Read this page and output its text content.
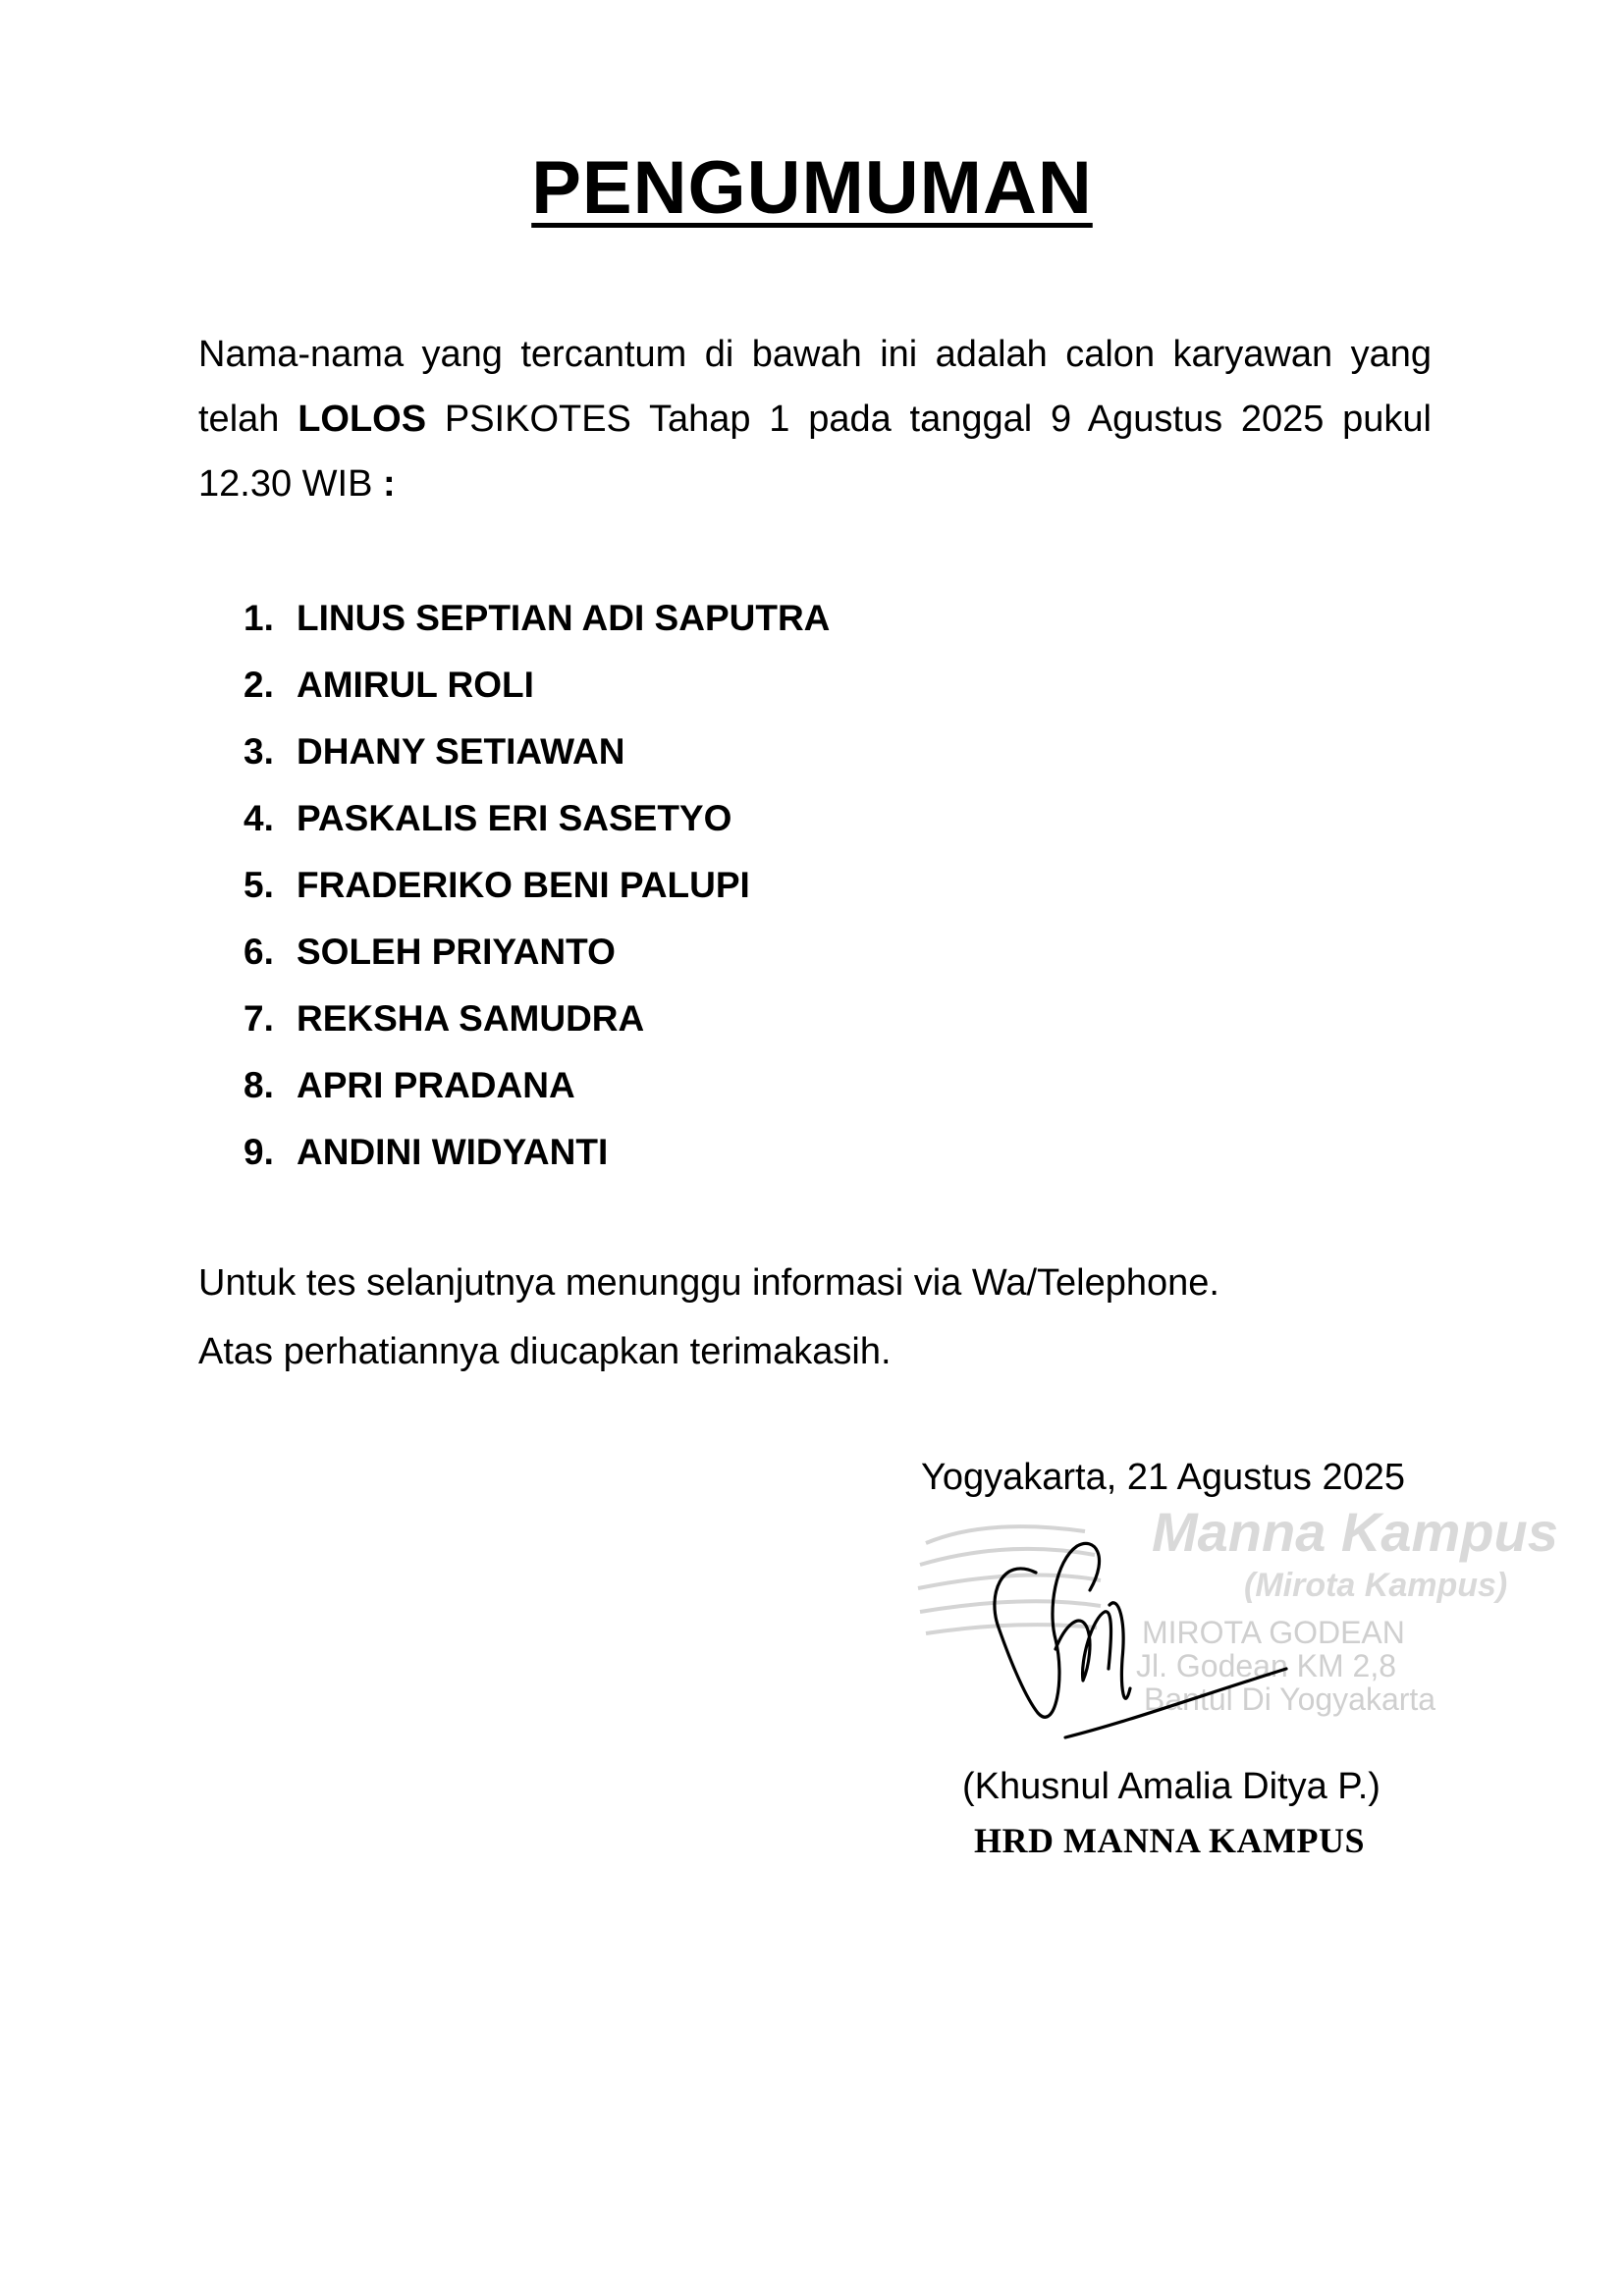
PENGUMUMAN
Nama-nama yang tercantum di bawah ini adalah calon karyawan yang telah LOLOS PSIKOTES Tahap 1 pada tanggal 9 Agustus 2025 pukul 12.30 WIB :
1. LINUS SEPTIAN ADI SAPUTRA
2. AMIRUL ROLI
3. DHANY SETIAWAN
4. PASKALIS ERI SASETYO
5. FRADERIKO BENI PALUPI
6. SOLEH PRIYANTO
7. REKSHA SAMUDRA
8. APRI PRADANA
9. ANDINI WIDYANTI
Untuk tes selanjutnya menunggu informasi via Wa/Telephone.
Atas perhatiannya diucapkan terimakasih.
Yogyakarta, 21 Agustus 2025
Manna Kampus
(Mirota Kampus)
MIROTA GODEAN
Jl. Godean KM 2,8
Bantul Di Yogyakarta
(Khusnul Amalia Ditya P.)
HRD MANNA KAMPUS
